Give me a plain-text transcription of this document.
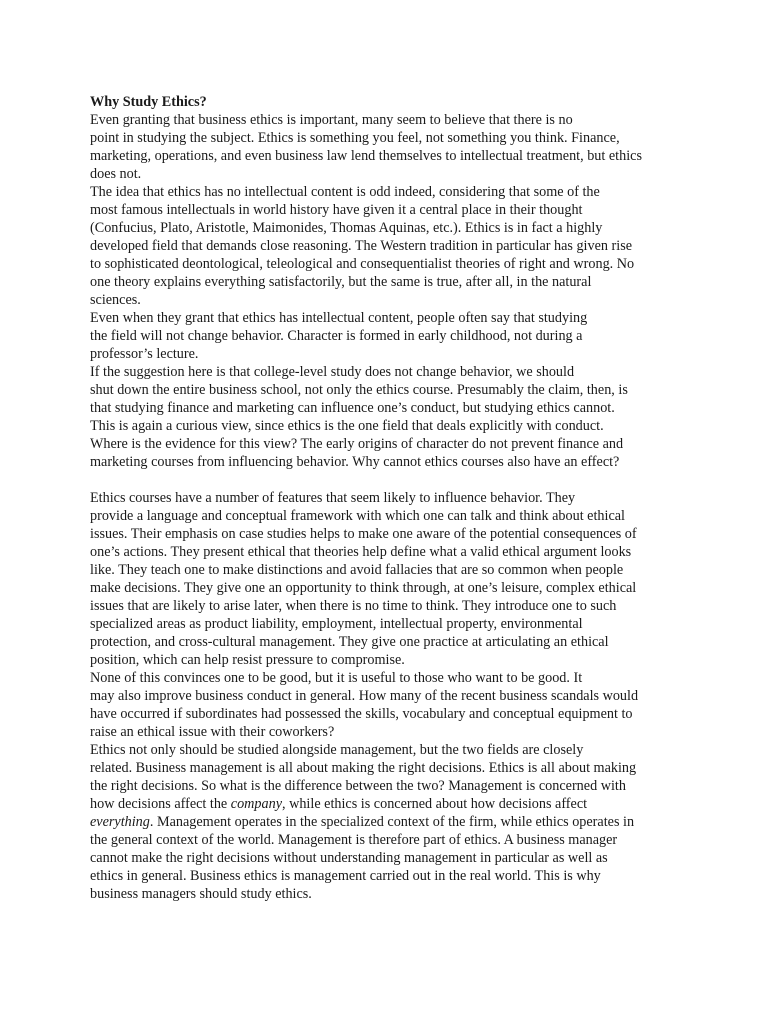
Why Study Ethics?
Even granting that business ethics is important, many seem to believe that there is no
point in studying the subject. Ethics is something you feel, not something you think. Finance,
marketing, operations, and even business law lend themselves to intellectual treatment, but ethics
does not.
The idea that ethics has no intellectual content is odd indeed, considering that some of the
most famous intellectuals in world history have given it a central place in their thought
(Confucius, Plato, Aristotle, Maimonides, Thomas Aquinas, etc.). Ethics is in fact a highly
developed field that demands close reasoning. The Western tradition in particular has given rise
to sophisticated deontological, teleological and consequentialist theories of right and wrong. No
one theory explains everything satisfactorily, but the same is true, after all, in the natural
sciences.
Even when they grant that ethics has intellectual content, people often say that studying
the field will not change behavior. Character is formed in early childhood, not during a
professor’s lecture.
If the suggestion here is that college-level study does not change behavior, we should
shut down the entire business school, not only the ethics course. Presumably the claim, then, is
that studying finance and marketing can influence one’s conduct, but studying ethics cannot.
This is again a curious view, since ethics is the one field that deals explicitly with conduct.
Where is the evidence for this view? The early origins of character do not prevent finance and
marketing courses from influencing behavior. Why cannot ethics courses also have an effect?
Ethics courses have a number of features that seem likely to influence behavior. They
provide a language and conceptual framework with which one can talk and think about ethical
issues. Their emphasis on case studies helps to make one aware of the potential consequences of
one’s actions. They present ethical that theories help define what a valid ethical argument looks
like. They teach one to make distinctions and avoid fallacies that are so common when people
make decisions. They give one an opportunity to think through, at one’s leisure, complex ethical
issues that are likely to arise later, when there is no time to think. They introduce one to such
specialized areas as product liability, employment, intellectual property, environmental
protection, and cross-cultural management. They give one practice at articulating an ethical
position, which can help resist pressure to compromise.
None of this convinces one to be good, but it is useful to those who want to be good. It
may also improve business conduct in general. How many of the recent business scandals would
have occurred if subordinates had possessed the skills, vocabulary and conceptual equipment to
raise an ethical issue with their coworkers?
Ethics not only should be studied alongside management, but the two fields are closely
related. Business management is all about making the right decisions. Ethics is all about making
the right decisions. So what is the difference between the two? Management is concerned with
how decisions affect the company, while ethics is concerned about how decisions affect
everything. Management operates in the specialized context of the firm, while ethics operates in
the general context of the world. Management is therefore part of ethics. A business manager
cannot make the right decisions without understanding management in particular as well as
ethics in general. Business ethics is management carried out in the real world. This is why
business managers should study ethics.
